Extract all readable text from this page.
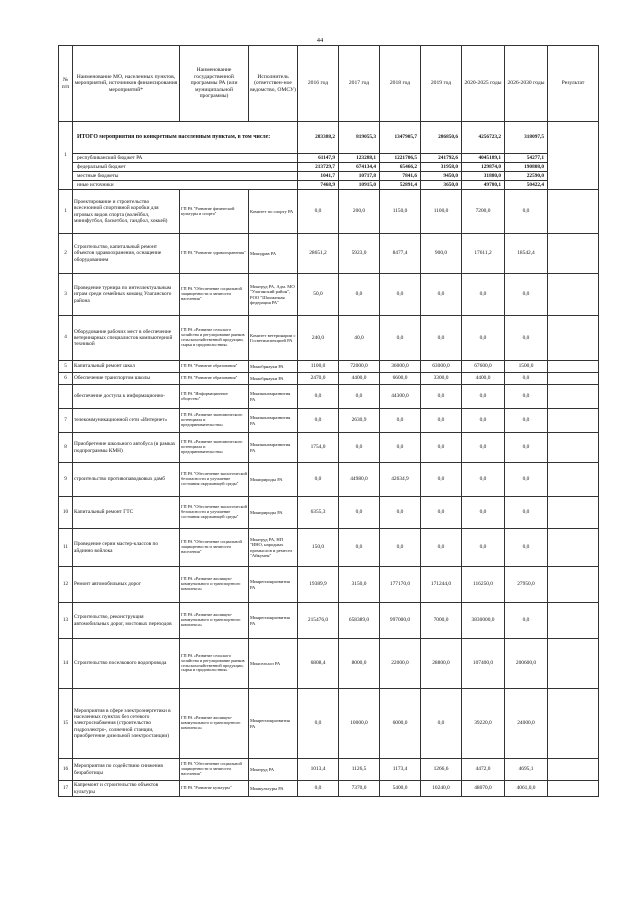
44
№ п/п	Наименование МО, населенных пунктов, мероприятий, источников финансирования мероприятий*	Наименование государственной программы РА (или муниципальной программы)	Исполнитель (ответствен-ное ведомство, ОМСУ)	2016 год	2017 год	2018 год	2019 год	2020-2025 годы	2026-2030 годы	Результат
1	ИТОГО мероприятия по конкретным населенным пунктам, в том числе:			283388,2	819055,3	1347905,7	286850,6	4256723,2	318097,5	
	республиканский бюджет РА			61147,9	123288,1	1221706,5	241792,6	4045189,1	54277,1	
	федеральный бюджет			213729,7	674134,4	65466,2	31958,0	129874,0	190808,0	
	местные бюджеты			1041,7	10717,8	7841,6	9450,0	31880,0	22590,0	
	иные источники			7468,9	10915,0	52891,4	3650,0	49780,1	50422,4	
1	Проектирование и строительство всесезонной спортивной коробки для игровых видов спорта (волейбол, минифутбол, баскетбол, гандбол, хоккей)	ГП РА "Развитие физической культуры и спорта"	Комитет по спорту РА	0,0	200,0	1150,0	1100,0	7200,0	0,0	
2	Строительство, капитальный ремонт объектов здравоохранения, оснащение оборудованием	ГП РА "Развитие здравоохранения"	Минздрав РА	28651,2	5923,0	8477,4	900,0	17611,2	18542,4	
3	Проведение турнира по интеллектуальным играм среди семейных команд Улаганского района	ГП РА "Обеспечение социальной защищенности и занятости населения"	Минтруд РА, Адм. МО "Улаганский район", РОО "Шахматная федерация РА"	50,0	0,0	0,0	0,0	0,0	0,0	
4	Оборудование рабочих мест в обеспечение ветеринарных специалистов компьютерной техникой	ГП РА «Развитие сельского хозяйства и регулирование рынков сельскохозяйственной продукции, сырья и продовольствия»	Комитет ветеринарии с Госветинспекцией РА	240,0	40,0	0,0	0,0	0,0	0,0	
5	Капитальный ремонт школ	ГП РА "Развитие образования"	Минобрнауки РА	1100,0	72000,0	36000,0	63000,0	67600,0	1500,0	
6	Обеспечение транспортом школы	ГП РА "Развитие образования"	Минобрнауки РА	2470,0	4400,0	6600,0	3300,0	4400,0	0,0	
	обеспечение доступа к информационно-	ГП РА "Информационное общество"	Минэкономразвития РА	0,0	0,0	44300,0	0,0	0,0	0,0	
7	телекоммуникационной сети «Интернет»	ГП РА «Развитие экономического потенциала и предпринимательства»	Минэкономразвития РА	0,0	2630,9	0,0	0,0	0,0	0,0	
8	Приобретение школьного автобуса (в рамках подпрограммы КМН)	ГП РА «Развитие экономического потенциала и предпринимательства»	Минэкономразвития РА	1754,0	0,0	0,0	0,0	0,0	0,0	
9	строительство противопаводковых дамб	ГП РА "Обеспечение экологической безопасности и улучшение состояния окружающей среды"	Минприроды РА	0,0	44980,0	42634,9	0,0	0,0	0,0	
10	Капитальный ремонт ГТС	ГП РА "Обеспечение экологической безопасности и улучшение состояния окружающей среды"	Минприроды РА	6355,3	0,0	0,0	0,0	0,0	0,0	
11	Проведение серии мастер-классов по айдинно войлока	ГП РА "Обеспечение социальной защищенности и занятости населения"	Минтруд РА, НП "ИНО, народных промыслов и ремесел "Айкумен"	150,0	0,0	0,0	0,0	0,0	0,0	
12	Ремонт автомобильных дорог	ГП РА «Развитие жилищно-коммунального и транспортного комплекса»	Минрегионразвития РА	19389,9	3150,0	177170,0	171244,0	116250,0	27950,0	
13	Строительство, реконструкция автомобильных дорог, мостовых переходов	ГП РА «Развитие жилищно-коммунального и транспортного комплекса»	Минрегионразвития РА	215476,0	658389,0	997000,0	7000,0	3830000,0	0,0	
14	Строительство поселкового водопровода	ГП РА «Развитие сельского хозяйства и регулирование рынков сельскохозяйственной продукции, сырья и продовольствия»	Минсельхоз РА	6808,4	8000,0	22000,0	28800,0	107400,0	200600,0	
15	Мероприятия в сфере электроэнергетики в населенных пунктах без сетевого электроснабжения (строительство гидроэлектро-, солнечной станции, приобретение дизельной электростанции)	ГП РА «Развитие жилищно-коммунального и транспортного комплекса»	Минрегионразвития РА	0,0	10000,0	6000,0	0,0	39220,0	24000,0	
16	Мероприятия по содействию снижения безработицы	ГП РА "Обеспечение социальной защищенности и занятости населения"	Минтруд РА	1013,4	1126,5	1173,4	1266,6	4472,0	4695,1	
17	Капремонт и строительство объектов культуры	ГП РА "Развитие культуры"	Минкультуры РА	0,0	7370,0	5400,0	10240,0	48070,0	4061,0,0	
